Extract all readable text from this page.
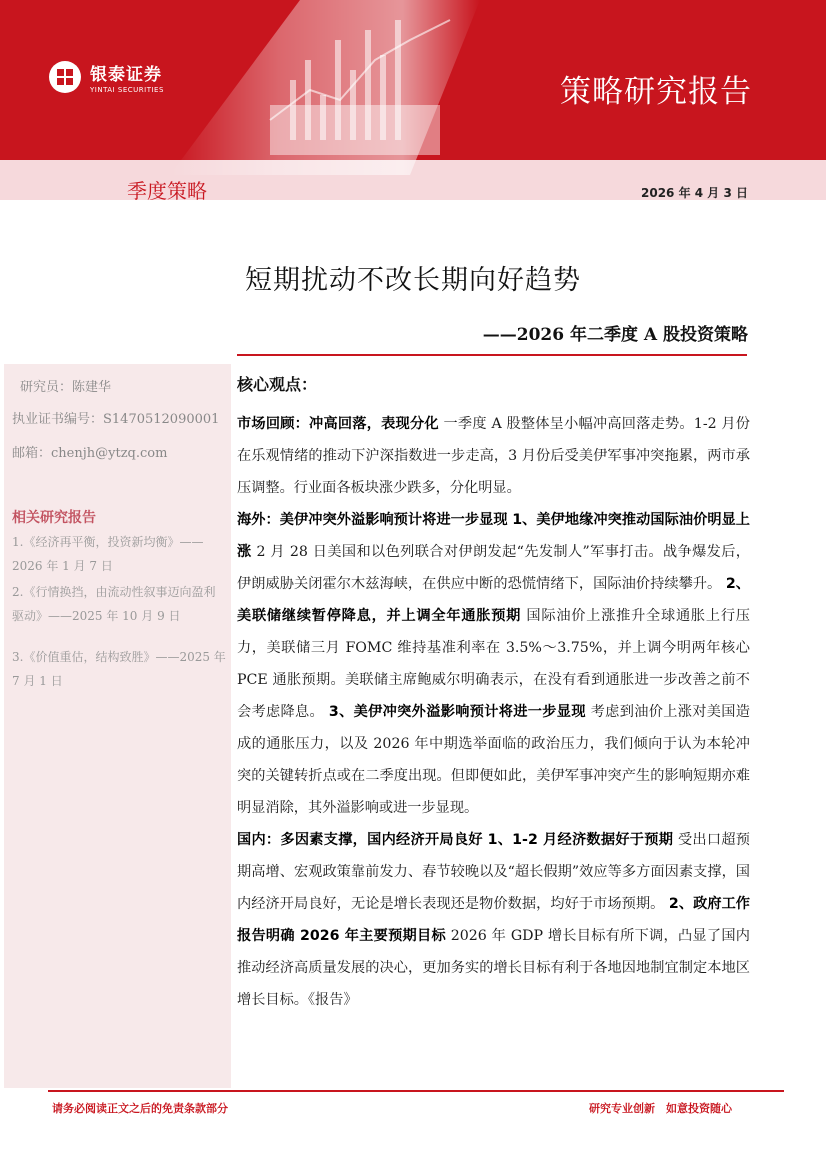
银泰证券
YINTAI SECURITIES	策略研究报告
季度策略	2026 年 4 月 3 日
短期扰动不改长期向好趋势
——2026 年二季度 A 股投资策略
研究员：陈建华
执业证书编号：S1470512090001
邮箱：chenjh@ytzq.com
相关研究报告
1.《经济再平衡，投资新均衡》——2026 年 1 月 7 日
2.《行情换挡，由流动性叙事迈向盈利驱动》——2025 年 10 月 9 日
3.《价值重估，结构致胜》——2025 年 7 月 1 日
核心观点：

市场回顾：冲高回落，表现分化 一季度 A 股整体呈小幅冲高回落走势。1-2 月份在乐观情绪的推动下沪深指数进一步走高，3 月份后受美伊军事冲突拖累，两市承压调整。行业面各板块涨少跌多，分化明显。

海外：美伊冲突外溢影响预计将进一步显现 1、美伊地缘冲突推动国际油价明显上涨 2 月 28 日美国和以色列联合对伊朗发起“先发制人”军事打击。战争爆发后，伊朗威胁关闭霍尔木兹海峡，在供应中断的恐慌情绪下，国际油价持续攀升。 2、美联储继续暂停降息，并上调全年通胀预期 国际油价上涨推升全球通胀上行压力，美联储三月 FOMC 维持基准利率在 3.5%～3.75%，并上调今明两年核心 PCE 通胀预期。美联储主席鲍威尔明确表示，在没有看到通胀进一步改善之前不会考虑降息。 3、美伊冲突外溢影响预计将进一步显现 考虑到油价上涨对美国造成的通胀压力，以及 2026 年中期选举面临的政治压力，我们倾向于认为本轮冲突的关键转折点或在二季度出现。但即便如此，美伊军事冲突产生的影响短期亦难明显消除，其外溢影响或进一步显现。

国内：多因素支撑，国内经济开局良好 1、1-2 月经济数据好于预期 受出口超预期高增、宏观政策靠前发力、春节较晚以及“超长假期”效应等多方面因素支撑，国内经济开局良好，无论是增长表现还是物价数据，均好于市场预期。 2、政府工作报告明确 2026 年主要预期目标 2026 年 GDP 增长目标有所下调，凸显了国内推动经济高质量发展的决心，更加务实的增长目标有利于各地因地制宜制定本地区增长目标。《报告》

请务必阅读正文之后的免责条款部分	研究专业创新　如意投资随心
